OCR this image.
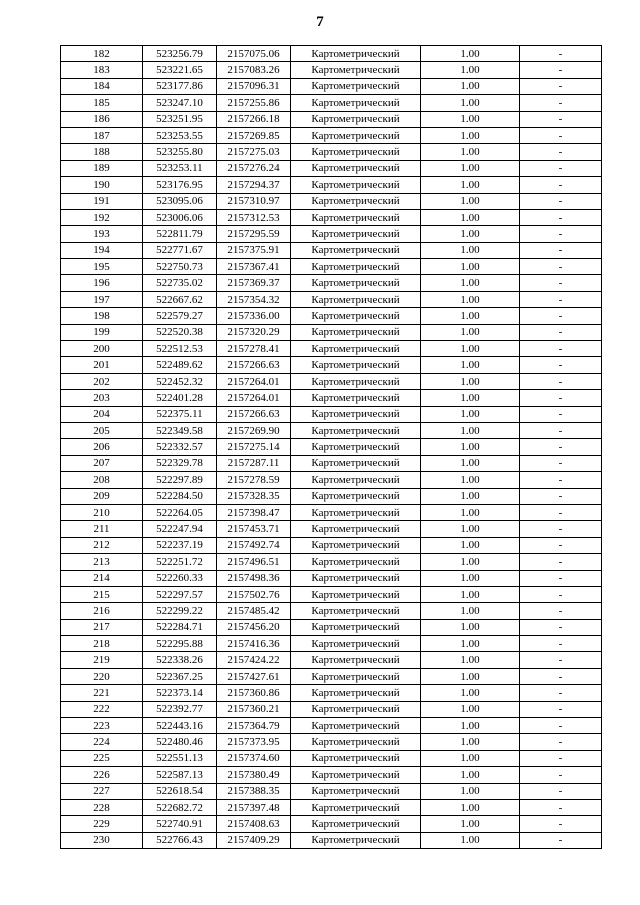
7
182	523256.79	2157075.06	Картометрический	1.00	-
183	523221.65	2157083.26	Картометрический	1.00	-
184	523177.86	2157096.31	Картометрический	1.00	-
185	523247.10	2157255.86	Картометрический	1.00	-
186	523251.95	2157266.18	Картометрический	1.00	-
187	523253.55	2157269.85	Картометрический	1.00	-
188	523255.80	2157275.03	Картометрический	1.00	-
189	523253.11	2157276.24	Картометрический	1.00	-
190	523176.95	2157294.37	Картометрический	1.00	-
191	523095.06	2157310.97	Картометрический	1.00	-
192	523006.06	2157312.53	Картометрический	1.00	-
193	522811.79	2157295.59	Картометрический	1.00	-
194	522771.67	2157375.91	Картометрический	1.00	-
195	522750.73	2157367.41	Картометрический	1.00	-
196	522735.02	2157369.37	Картометрический	1.00	-
197	522667.62	2157354.32	Картометрический	1.00	-
198	522579.27	2157336.00	Картометрический	1.00	-
199	522520.38	2157320.29	Картометрический	1.00	-
200	522512.53	2157278.41	Картометрический	1.00	-
201	522489.62	2157266.63	Картометрический	1.00	-
202	522452.32	2157264.01	Картометрический	1.00	-
203	522401.28	2157264.01	Картометрический	1.00	-
204	522375.11	2157266.63	Картометрический	1.00	-
205	522349.58	2157269.90	Картометрический	1.00	-
206	522332.57	2157275.14	Картометрический	1.00	-
207	522329.78	2157287.11	Картометрический	1.00	-
208	522297.89	2157278.59	Картометрический	1.00	-
209	522284.50	2157328.35	Картометрический	1.00	-
210	522264.05	2157398.47	Картометрический	1.00	-
211	522247.94	2157453.71	Картометрический	1.00	-
212	522237.19	2157492.74	Картометрический	1.00	-
213	522251.72	2157496.51	Картометрический	1.00	-
214	522260.33	2157498.36	Картометрический	1.00	-
215	522297.57	2157502.76	Картометрический	1.00	-
216	522299.22	2157485.42	Картометрический	1.00	-
217	522284.71	2157456.20	Картометрический	1.00	-
218	522295.88	2157416.36	Картометрический	1.00	-
219	522338.26	2157424.22	Картометрический	1.00	-
220	522367.25	2157427.61	Картометрический	1.00	-
221	522373.14	2157360.86	Картометрический	1.00	-
222	522392.77	2157360.21	Картометрический	1.00	-
223	522443.16	2157364.79	Картометрический	1.00	-
224	522480.46	2157373.95	Картометрический	1.00	-
225	522551.13	2157374.60	Картометрический	1.00	-
226	522587.13	2157380.49	Картометрический	1.00	-
227	522618.54	2157388.35	Картометрический	1.00	-
228	522682.72	2157397.48	Картометрический	1.00	-
229	522740.91	2157408.63	Картометрический	1.00	-
230	522766.43	2157409.29	Картометрический	1.00	-
